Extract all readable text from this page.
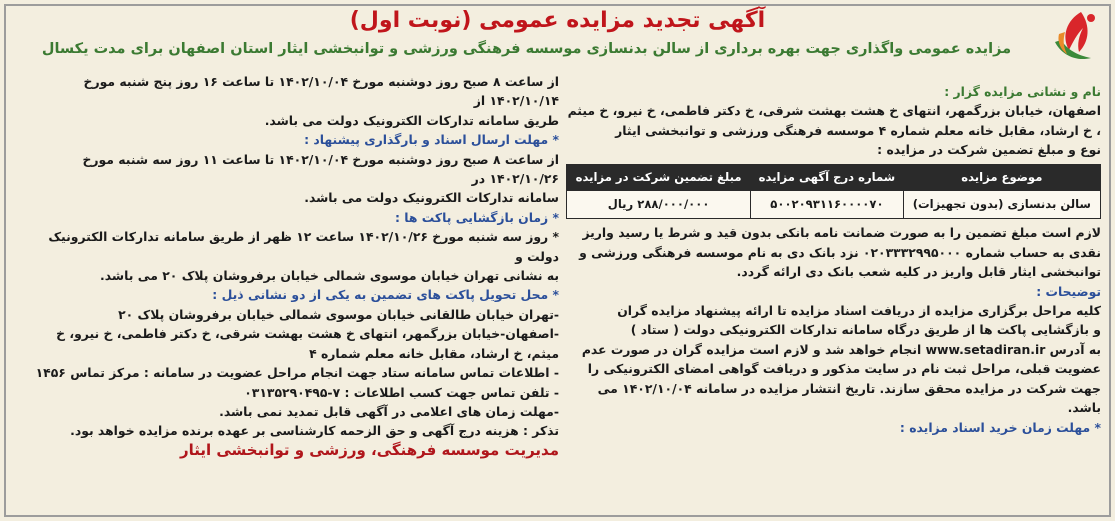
آگهی تجدید مزایده عمومی (نوبت اول)
مزایده عمومی واگذاری جهت بهره برداری از سالن بدنسازی موسسه فرهنگی ورزشی و توانبخشی ایثار استان اصفهان برای مدت یکسال
نام و نشانی مزایده گزار :
اصفهان، خیابان بزرگمهر، انتهای خ هشت بهشت شرقی، خ دکتر فاطمی، خ نیرو، خ میثم
، خ ارشاد، مقابل خانه معلم شماره ۴ موسسه فرهنگی ورزشی و توانبخشی ایثار
نوع و مبلغ تضمین شرکت در مزایده :
موضوع مزایده	شماره درج آگهی مزایده	مبلغ تضمین شرکت در مزایده
سالن بدنسازی (بدون تجهیزات)	۵۰۰۲۰۹۳۱۱۶۰۰۰۰۷۰	۲۸۸/۰۰۰/۰۰۰ ریال
لازم است مبلغ تضمین را به صورت ضمانت نامه بانکی بدون قید و شرط یا رسید واریز
نقدی به حساب شماره ۰۲۰۳۳۳۲۹۹۵۰۰۰ نزد بانک دی به نام موسسه فرهنگی ورزشی و
توانبخشی ایثار قابل واریز در کلیه شعب بانک دی ارائه گردد.
توضیحات :
کلیه مراحل برگزاری مزایده از دریافت اسناد مزایده تا ارائه پیشنهاد مزایده گران
و بازگشایی پاکت ها از طریق درگاه سامانه تدارکات الکترونیکی دولت ( ستاد )
به آدرس www.setadiran.ir انجام خواهد شد و لازم است مزایده گران در صورت عدم
عضویت قبلی، مراحل ثبت نام در سایت مذکور و دریافت گواهی امضای الکترونیکی را
جهت شرکت در مزایده محقق سازند. تاریخ انتشار مزایده در سامانه ۱۴۰۲/۱۰/۰۴ می باشد.
* مهلت زمان خرید اسناد مزایده :
از ساعت ۸ صبح روز دوشنبه مورخ ۱۴۰۲/۱۰/۰۴ تا ساعت ۱۶ روز پنج شنبه مورخ ۱۴۰۲/۱۰/۱۴ از
طریق سامانه تدارکات الکترونیک دولت می باشد.
* مهلت ارسال اسناد و بارگذاری پیشنهاد :
از ساعت ۸ صبح روز دوشنبه مورخ ۱۴۰۲/۱۰/۰۴ تا ساعت ۱۱ روز سه شنبه مورخ ۱۴۰۲/۱۰/۲۶ در
سامانه تدارکات الکترونیک دولت می باشد.
* زمان بازگشایی پاکت ها :
* روز سه شنبه مورخ ۱۴۰۲/۱۰/۲۶ ساعت ۱۲ ظهر از طریق سامانه تدارکات الکترونیک دولت و
به نشانی تهران خیابان موسوی شمالی خیابان برفروشان پلاک ۲۰ می باشد.
* محل تحویل پاکت های تضمین به یکی از دو نشانی ذیل :
-تهران خیابان طالقانی خیابان موسوی شمالی خیابان برفروشان پلاک ۲۰
-اصفهان-خیابان بزرگمهر، انتهای خ هشت بهشت شرقی، خ دکتر فاطمی، خ نیرو، خ
میثم، خ ارشاد، مقابل خانه معلم شماره ۴
- اطلاعات تماس سامانه ستاد جهت انجام مراحل عضویت در سامانه : مرکز تماس ۱۴۵۶
- تلفن تماس جهت کسب اطلاعات : ۷-۰۳۱۳۵۲۹۰۴۹۵
-مهلت زمان های اعلامی در آگهی قابل تمدید نمی باشد.
تذکر : هزینه درج آگهی و حق الزحمه کارشناسی بر عهده برنده مزایده خواهد بود.
مدیریت موسسه فرهنگی، ورزشی و توانبخشی ایثار
